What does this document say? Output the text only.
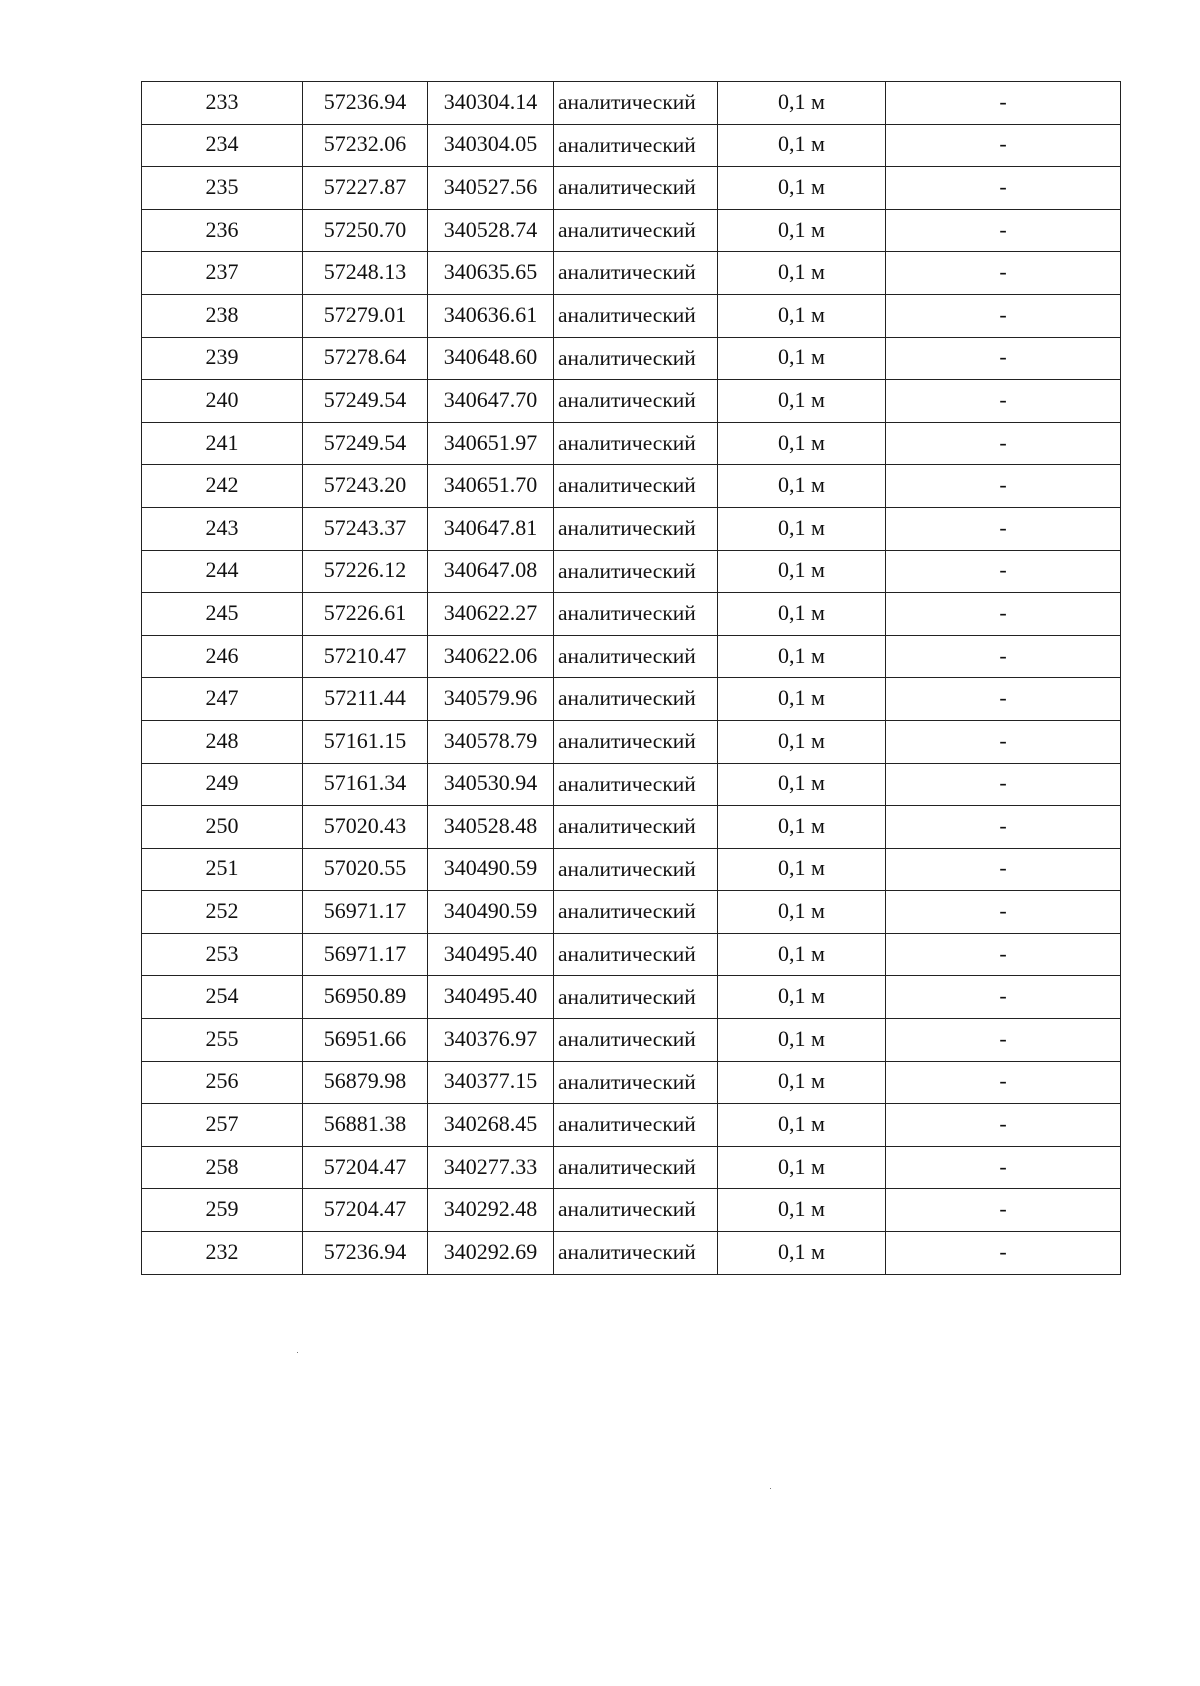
233	57236.94	340304.14	аналитический	0,1 м	-
234	57232.06	340304.05	аналитический	0,1 м	-
235	57227.87	340527.56	аналитический	0,1 м	-
236	57250.70	340528.74	аналитический	0,1 м	-
237	57248.13	340635.65	аналитический	0,1 м	-
238	57279.01	340636.61	аналитический	0,1 м	-
239	57278.64	340648.60	аналитический	0,1 м	-
240	57249.54	340647.70	аналитический	0,1 м	-
241	57249.54	340651.97	аналитический	0,1 м	-
242	57243.20	340651.70	аналитический	0,1 м	-
243	57243.37	340647.81	аналитический	0,1 м	-
244	57226.12	340647.08	аналитический	0,1 м	-
245	57226.61	340622.27	аналитический	0,1 м	-
246	57210.47	340622.06	аналитический	0,1 м	-
247	57211.44	340579.96	аналитический	0,1 м	-
248	57161.15	340578.79	аналитический	0,1 м	-
249	57161.34	340530.94	аналитический	0,1 м	-
250	57020.43	340528.48	аналитический	0,1 м	-
251	57020.55	340490.59	аналитический	0,1 м	-
252	56971.17	340490.59	аналитический	0,1 м	-
253	56971.17	340495.40	аналитический	0,1 м	-
254	56950.89	340495.40	аналитический	0,1 м	-
255	56951.66	340376.97	аналитический	0,1 м	-
256	56879.98	340377.15	аналитический	0,1 м	-
257	56881.38	340268.45	аналитический	0,1 м	-
258	57204.47	340277.33	аналитический	0,1 м	-
259	57204.47	340292.48	аналитический	0,1 м	-
232	57236.94	340292.69	аналитический	0,1 м	-
